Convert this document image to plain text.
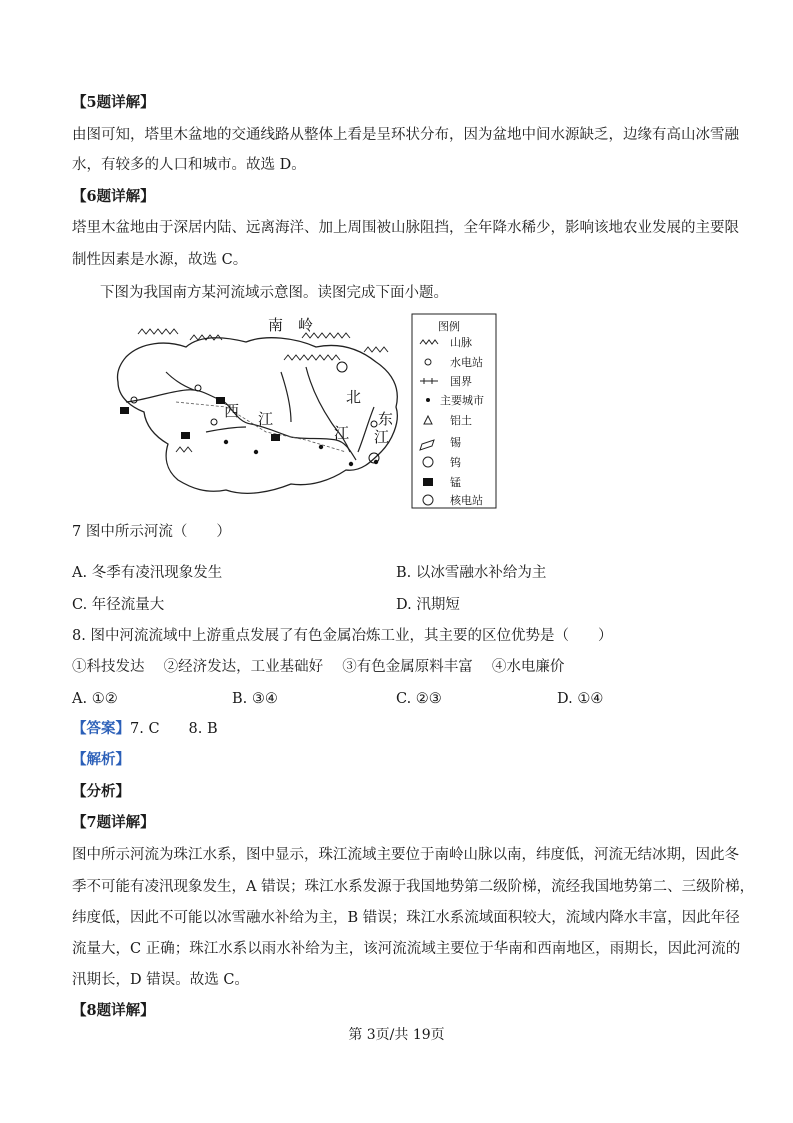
【5题详解】
由图可知，塔里木盆地的交通线路从整体上看是呈环状分布，因为盆地中间水源缺乏，边缘有高山冰雪融
水，有较多的人口和城市。故选 D。
【6题详解】
塔里木盆地由于深居内陆、远离海洋、加上周围被山脉阻挡，全年降水稀少，影响该地农业发展的主要限
制性因素是水源，故选 C。
下图为我国南方某河流域示意图。读图完成下面小题。
南　岭
西 江
北
江
东
江
图例
山脉
水电站
国界
主要城市
铝土
锡
钨
锰
核电站
7 图中所示河流（　　）
A. 冬季有凌汛现象发生	B. 以冰雪融水补给为主
C. 年径流量大	D. 汛期短
8. 图中河流流域中上游重点发展了有色金属冶炼工业，其主要的区位优势是（　　）
①科技发达　 ②经济发达，工业基础好　 ③有色金属原料丰富　 ④水电廉价
A. ①②	B. ③④	C. ②③	D. ①④
【答案】7. C　　8. B
【解析】
【分析】
【7题详解】
图中所示河流为珠江水系，图中显示，珠江流域主要位于南岭山脉以南，纬度低，河流无结冰期，因此冬
季不可能有凌汛现象发生，A 错误；珠江水系发源于我国地势第二级阶梯，流经我国地势第二、三级阶梯，
纬度低，因此不可能以冰雪融水补给为主，B 错误；珠江水系流域面积较大，流域内降水丰富，因此年径
流量大，C 正确；珠江水系以雨水补给为主，该河流流域主要位于华南和西南地区，雨期长，因此河流的
汛期长，D 错误。故选 C。
【8题详解】
第 3页/共 19页
